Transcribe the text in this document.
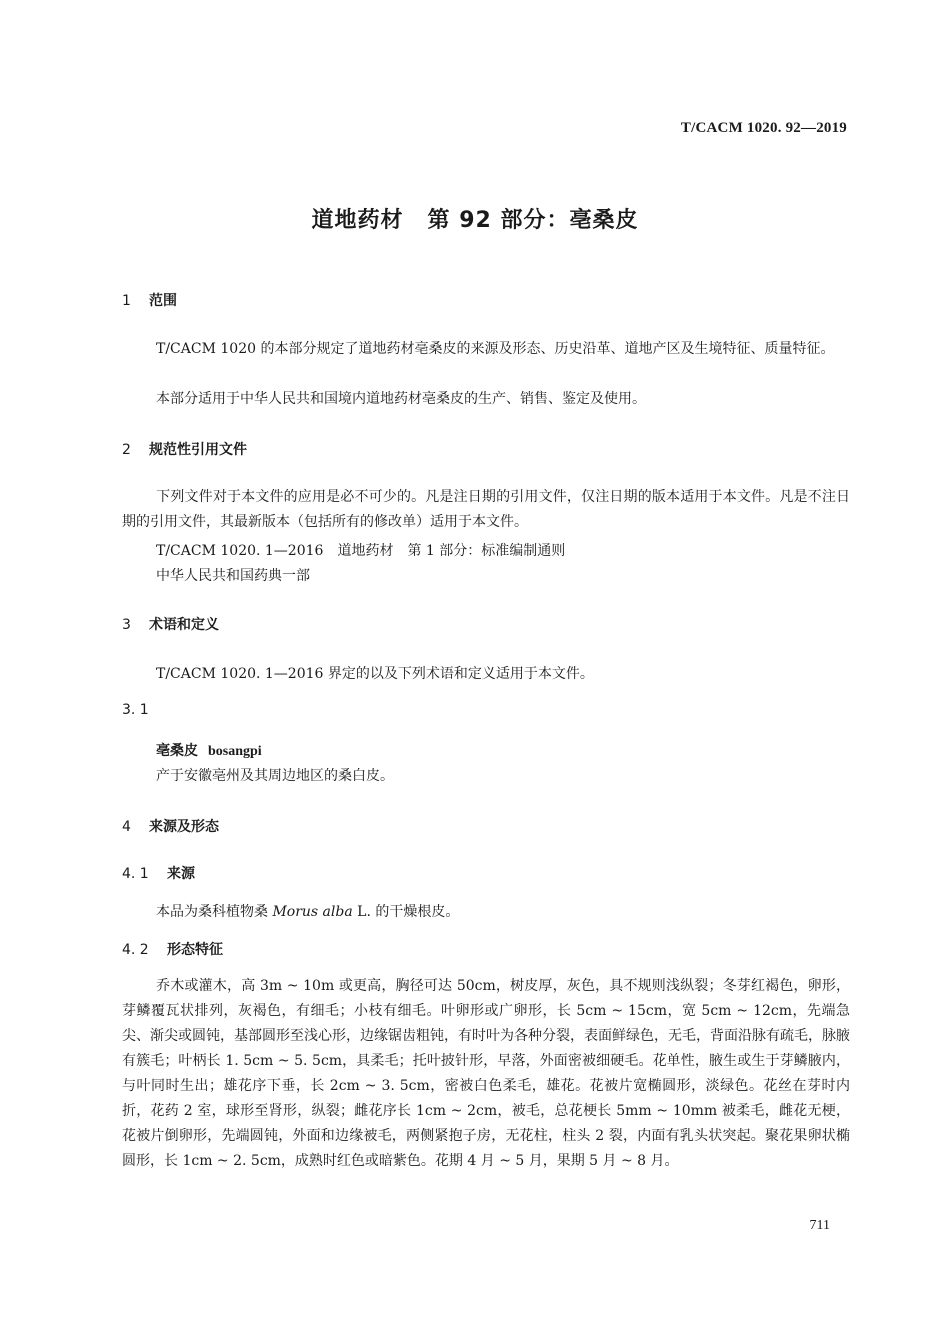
T/CACM 1020. 92—2019
道地药材 第 92 部分：亳桑皮
1 范围
T/CACM 1020 的本部分规定了道地药材亳桑皮的来源及形态、历史沿革、道地产区及生境特征、质量特征。
本部分适用于中华人民共和国境内道地药材亳桑皮的生产、销售、鉴定及使用。
2 规范性引用文件
下列文件对于本文件的应用是必不可少的。凡是注日期的引用文件，仅注日期的版本适用于本文件。凡是不注日期的引用文件，其最新版本（包括所有的修改单）适用于本文件。
T/CACM 1020. 1—2016　道地药材　第 1 部分：标准编制通则
中华人民共和国药典一部
3 术语和定义
T/CACM 1020. 1—2016 界定的以及下列术语和定义适用于本文件。
3. 1
亳桑皮 bosangpi
产于安徽亳州及其周边地区的桑白皮。
4 来源及形态
4. 1 来源
本品为桑科植物桑 Morus alba L. 的干燥根皮。
4. 2 形态特征
乔木或灌木，高 3m ~ 10m 或更高，胸径可达 50cm，树皮厚，灰色，具不规则浅纵裂；冬芽红褐色，卵形，芽鳞覆瓦状排列，灰褐色，有细毛；小枝有细毛。叶卵形或广卵形，长 5cm ~ 15cm，宽 5cm ~ 12cm，先端急尖、渐尖或圆钝，基部圆形至浅心形，边缘锯齿粗钝，有时叶为各种分裂，表面鲜绿色，无毛，背面沿脉有疏毛，脉腋有簇毛；叶柄长 1. 5cm ~ 5. 5cm，具柔毛；托叶披针形，早落，外面密被细硬毛。花单性，腋生或生于芽鳞腋内，与叶同时生出；雄花序下垂，长 2cm ~ 3. 5cm，密被白色柔毛，雄花。花被片宽椭圆形，淡绿色。花丝在芽时内折，花药 2 室，球形至肾形，纵裂；雌花序长 1cm ~ 2cm，被毛，总花梗长 5mm ~ 10mm 被柔毛，雌花无梗，花被片倒卵形，先端圆钝，外面和边缘被毛，两侧紧抱子房，无花柱，柱头 2 裂，内面有乳头状突起。聚花果卵状椭圆形，长 1cm ~ 2. 5cm，成熟时红色或暗紫色。花期 4 月 ~ 5 月，果期 5 月 ~ 8 月。
711
